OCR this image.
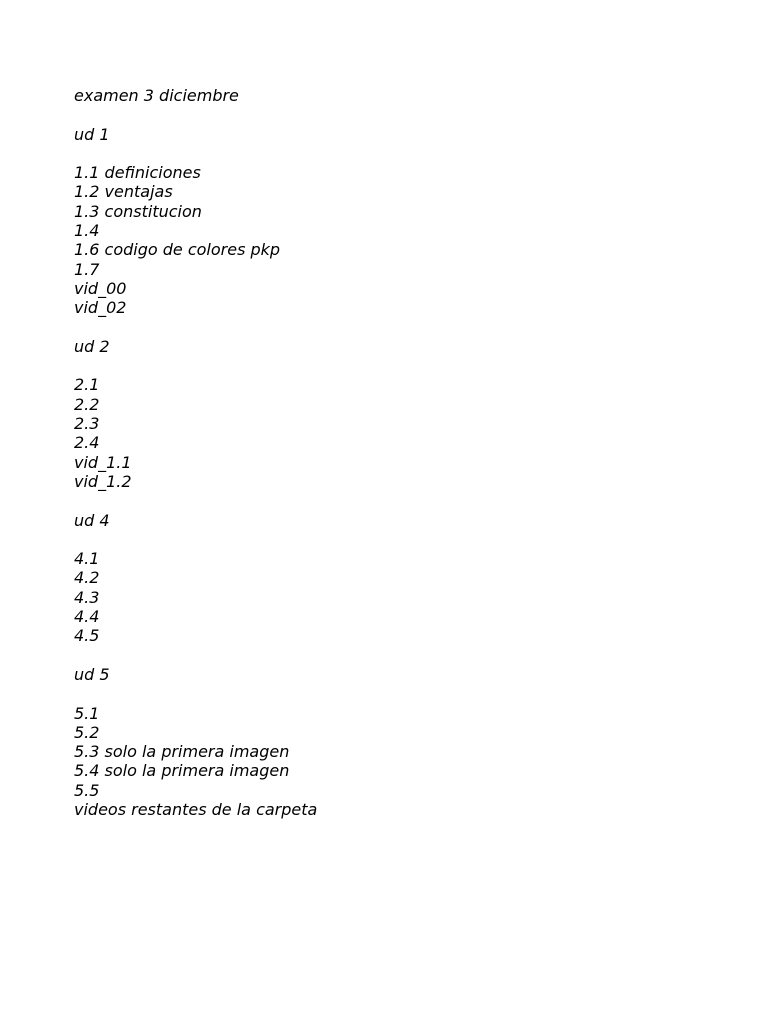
examen 3 diciembre

ud 1

1.1 definiciones

1.2 ventajas

1.3 constitucion

1.4

1.6 codigo de colores pkp

1.7

vid_00

vid_02

ud 2

2.1

2.2

2.3

2.4

vid_1.1

vid_1.2

ud 4

4.1

4.2

4.3

4.4

4.5

ud 5

5.1

5.2

5.3 solo la primera imagen

5.4 solo la primera imagen

5.5

videos restantes de la carpeta
